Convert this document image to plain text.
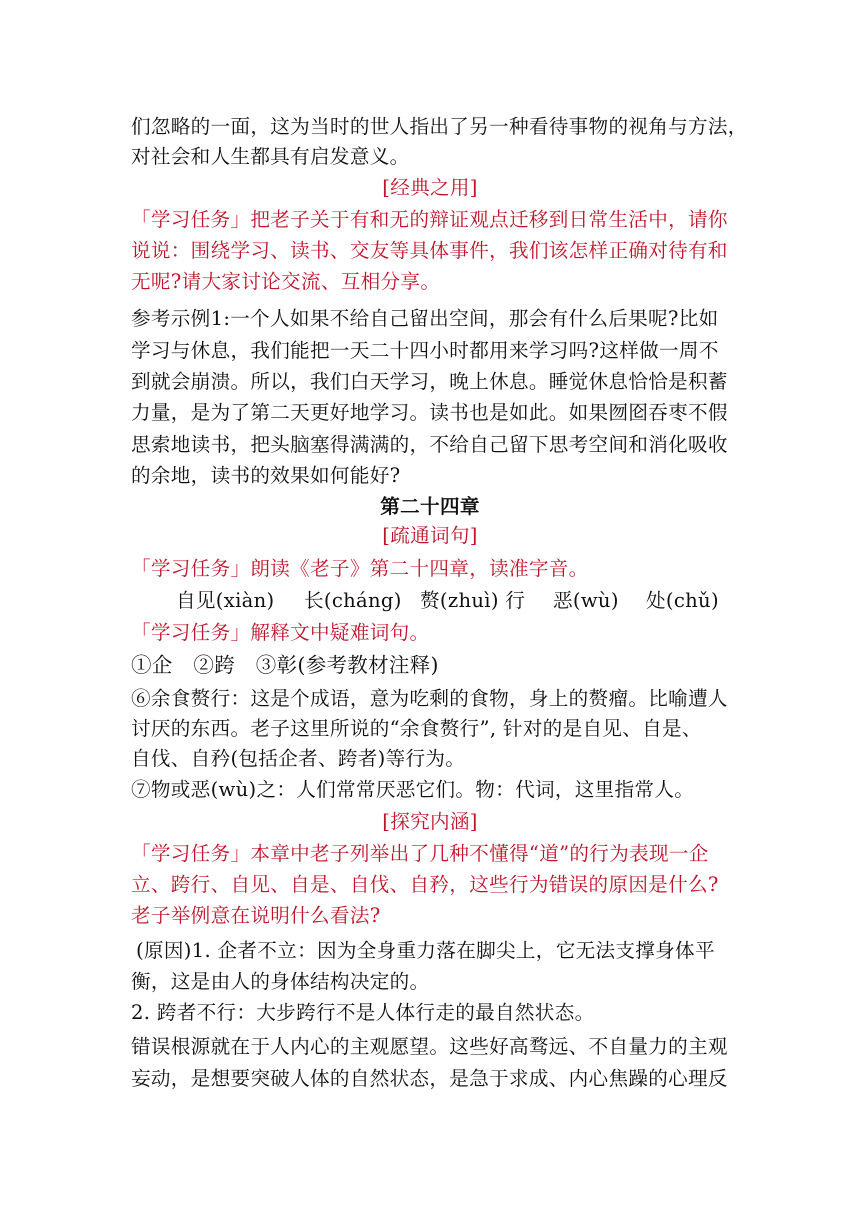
们忽略的一面，这为当时的世人指出了另一种看待事物的视角与方法，
对社会和人生都具有启发意义。
[经典之用]
「学习任务」把老子关于有和无的辩证观点迁移到日常生活中，请你
说说：围绕学习、读书、交友等具体事件，我们该怎样正确对待有和
无呢?请大家讨论交流、互相分享。
参考示例1:一个人如果不给自己留出空间，那会有什么后果呢?比如
学习与休息，我们能把一天二十四小时都用来学习吗?这样做一周不
到就会崩溃。所以，我们白天学习，晚上休息。睡觉休息恰恰是积蓄
力量，是为了第二天更好地学习。读书也是如此。如果囫囵吞枣不假
思索地读书，把头脑塞得满满的，不给自己留下思考空间和消化吸收
的余地，读书的效果如何能好?
第二十四章
[疏通词句]
「学习任务」朗读《老子》第二十四章，读准字音。
自见(xiàn) 长(cháng) 赘(zhuì) 行 恶(wù) 处(chǔ)
「学习任务」解释文中疑难词句。
①企　②跨　③彰(参考教材注释)
⑥余食赘行：这是个成语，意为吃剩的食物，身上的赘瘤。比喻遭人
讨厌的东西。老子这里所说的“余食赘行”, 针对的是自见、自是、
自伐、自矜(包括企者、跨者)等行为。
⑦物或恶(wù)之：人们常常厌恶它们。物：代词，这里指常人。
[探究内涵]
「学习任务」本章中老子列举出了几种不懂得“道”的行为表现一企
立、跨行、自见、自是、自伐、自矜，这些行为错误的原因是什么?
老子举例意在说明什么看法?
(原因)1. 企者不立：因为全身重力落在脚尖上，它无法支撑身体平
衡，这是由人的身体结构决定的。
2. 跨者不行：大步跨行不是人体行走的最自然状态。
错误根源就在于人内心的主观愿望。这些好高骛远、不自量力的主观
妄动，是想要突破人体的自然状态，是急于求成、内心焦躁的心理反
